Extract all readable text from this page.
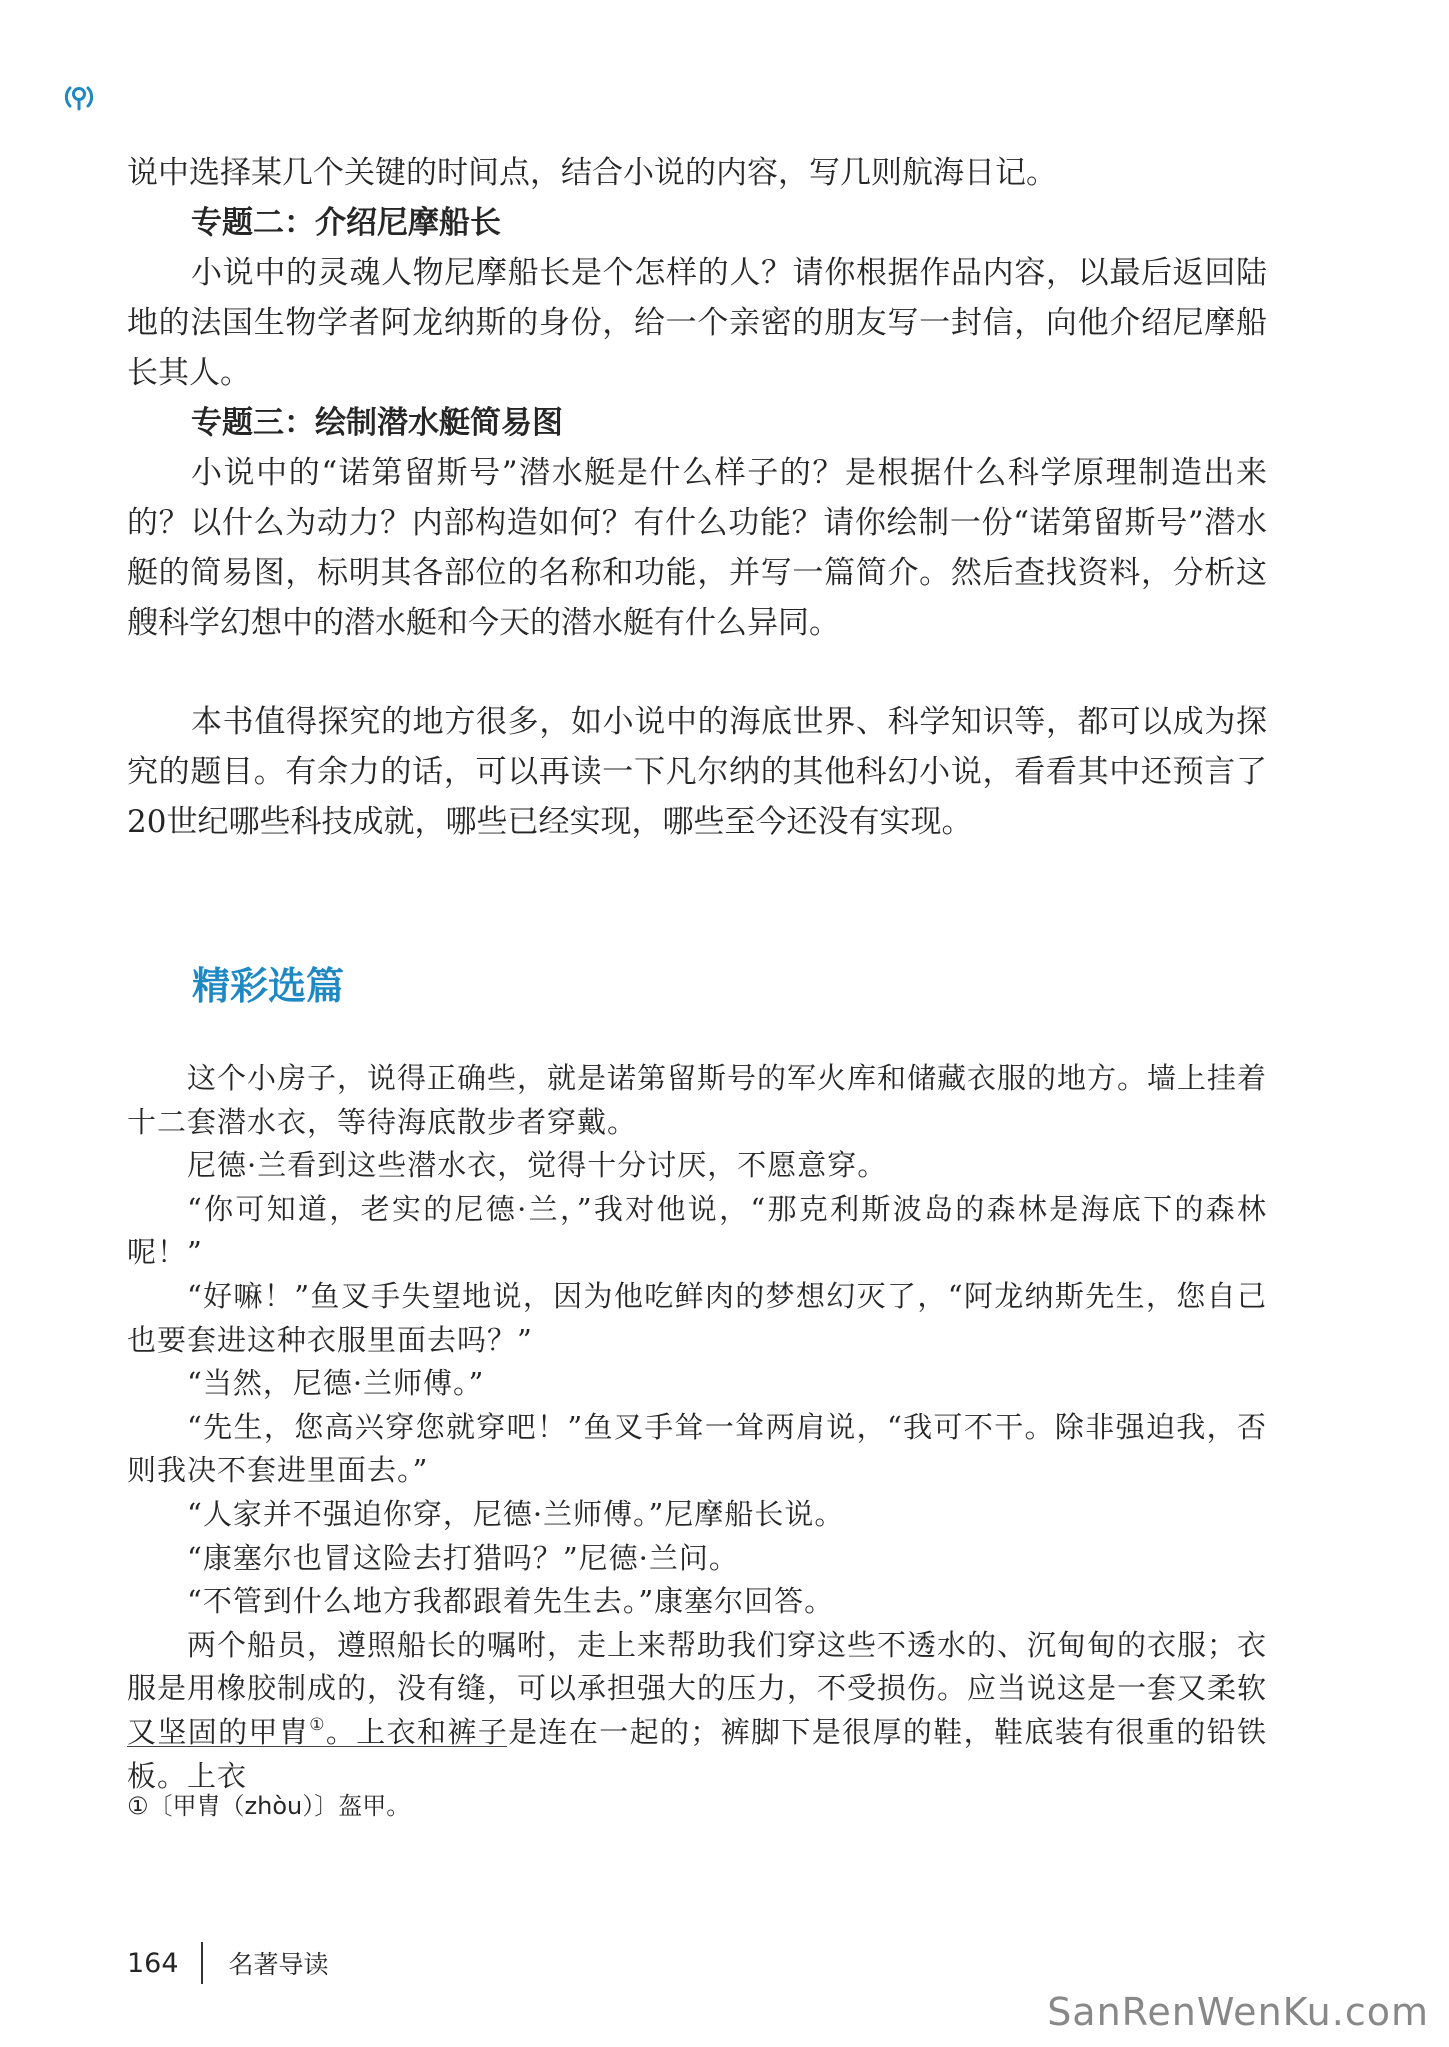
说中选择某几个关键的时间点，结合小说的内容，写几则航海日记。

专题二：介绍尼摩船长

小说中的灵魂人物尼摩船长是个怎样的人？请你根据作品内容，以最后返回陆地的法国生物学者阿龙纳斯的身份，给一个亲密的朋友写一封信，向他介绍尼摩船长其人。

专题三：绘制潜水艇简易图

小说中的“诺第留斯号”潜水艇是什么样子的？是根据什么科学原理制造出来的？以什么为动力？内部构造如何？有什么功能？请你绘制一份“诺第留斯号”潜水艇的简易图，标明其各部位的名称和功能，并写一篇简介。然后查找资料，分析这艘科学幻想中的潜水艇和今天的潜水艇有什么异同。

本书值得探究的地方很多，如小说中的海底世界、科学知识等，都可以成为探究的题目。有余力的话，可以再读一下凡尔纳的其他科幻小说，看看其中还预言了20世纪哪些科技成就，哪些已经实现，哪些至今还没有实现。

精彩选篇

这个小房子，说得正确些，就是诺第留斯号的军火库和储藏衣服的地方。墙上挂着十二套潜水衣，等待海底散步者穿戴。

尼德·兰看到这些潜水衣，觉得十分讨厌，不愿意穿。

“你可知道，老实的尼德·兰，”我对他说，“那克利斯波岛的森林是海底下的森林呢！”

“好嘛！”鱼叉手失望地说，因为他吃鲜肉的梦想幻灭了，“阿龙纳斯先生，您自己也要套进这种衣服里面去吗？”

“当然，尼德·兰师傅。”

“先生，您高兴穿您就穿吧！”鱼叉手耸一耸两肩说，“我可不干。除非强迫我，否则我决不套进里面去。”

“人家并不强迫你穿，尼德·兰师傅。”尼摩船长说。

“康塞尔也冒这险去打猎吗？”尼德·兰问。

“不管到什么地方我都跟着先生去。”康塞尔回答。

两个船员，遵照船长的嘱咐，走上来帮助我们穿这些不透水的、沉甸甸的衣服；衣服是用橡胶制成的，没有缝，可以承担强大的压力，不受损伤。应当说这是一套又柔软又坚固的甲胄①。上衣和裤子是连在一起的；裤脚下是很厚的鞋，鞋底装有很重的铅铁板。上衣

①〔甲胄（zhòu）〕盔甲。

164 名著导读
SanRenWenKu.com
